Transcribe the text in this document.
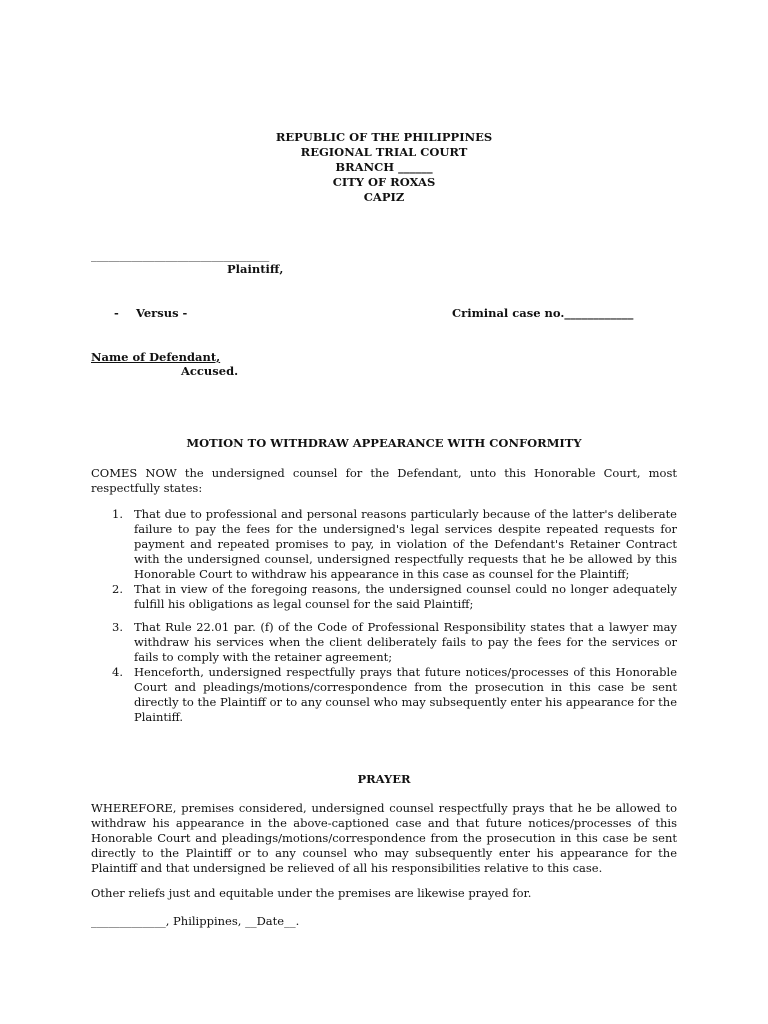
REPUBLIC OF THE PHILIPPINES
REGIONAL TRIAL COURT
BRANCH ______
CITY OF ROXAS
CAPIZ
_______________________________
Plaintiff,
- Versus -	Criminal case no.____________
Name of Defendant,
Accused.
MOTION TO WITHDRAW APPEARANCE WITH CONFORMITY
COMES NOW the undersigned counsel for the Defendant, unto this Honorable Court, most respectfully states:
1. That due to professional and personal reasons particularly because of the latter's deliberate failure to pay the fees for the undersigned's legal services despite repeated requests for payment and repeated promises to pay, in violation of the Defendant's Retainer Contract with the undersigned counsel, undersigned respectfully requests that he be allowed by this Honorable Court to withdraw his appearance in this case as counsel for the Plaintiff;
2. That in view of the foregoing reasons, the undersigned counsel could no longer adequately fulfill his obligations as legal counsel for the said Plaintiff;
3. That Rule 22.01 par. (f) of the Code of Professional Responsibility states that a lawyer may withdraw his services when the client deliberately fails to pay the fees for the services or fails to comply with the retainer agreement;
4. Henceforth, undersigned respectfully prays that future notices/processes of this Honorable Court and pleadings/motions/correspondence from the prosecution in this case be sent directly to the Plaintiff or to any counsel who may subsequently enter his appearance for the Plaintiff.
PRAYER
WHEREFORE, premises considered, undersigned counsel respectfully prays that he be allowed to withdraw his appearance in the above-captioned case and that future notices/processes of this Honorable Court and pleadings/motions/correspondence from the prosecution in this case be sent directly to the Plaintiff or to any counsel who may subsequently enter his appearance for the Plaintiff and that undersigned be relieved of all his responsibilities relative to this case.
Other reliefs just and equitable under the premises are likewise prayed for.
_____________, Philippines, __Date__.
